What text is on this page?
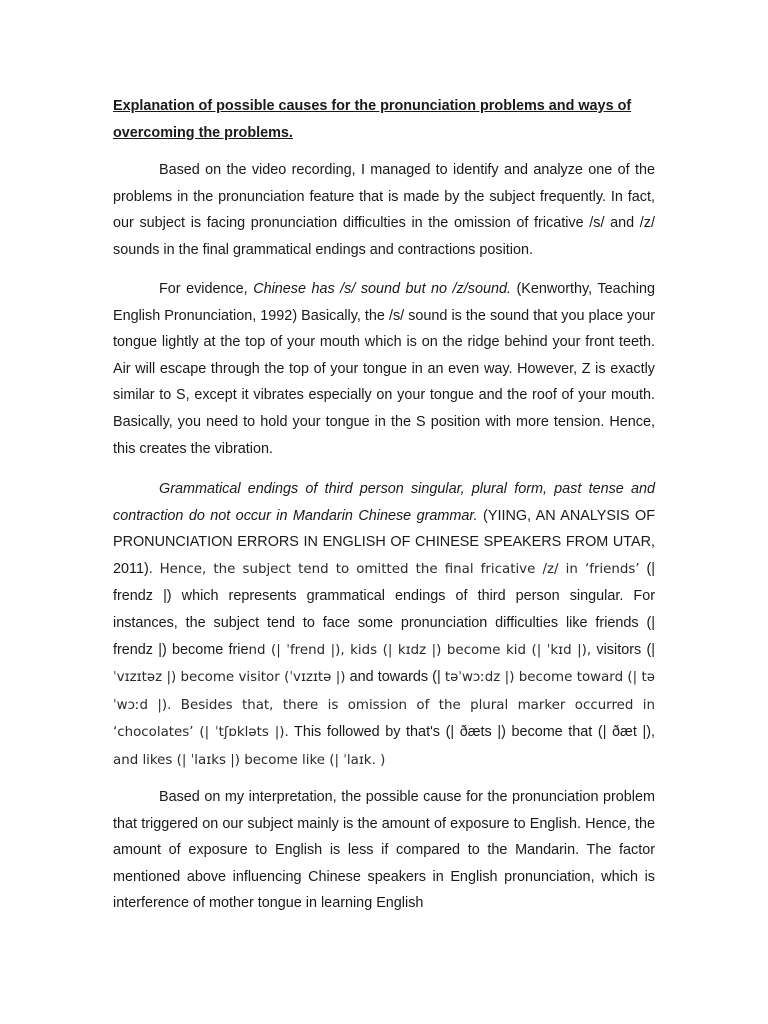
Explanation of possible causes for the pronunciation problems and ways of overcoming the problems.

Based on the video recording, I managed to identify and analyze one of the problems in the pronunciation feature that is made by the subject frequently. In fact, our subject is facing pronunciation difficulties in the omission of fricative /s/ and /z/ sounds in the final grammatical endings and contractions position.

For evidence, Chinese has /s/ sound but no /z/sound. (Kenworthy, Teaching English Pronunciation, 1992) Basically, the /s/ sound is the sound that you place your tongue lightly at the top of your mouth which is on the ridge behind your front teeth. Air will escape through the top of your tongue in an even way. However, Z is exactly similar to S, except it vibrates especially on your tongue and the roof of your mouth. Basically, you need to hold your tongue in the S position with more tension. Hence, this creates the vibration.

Grammatical endings of third person singular, plural form, past tense and contraction do not occur in Mandarin Chinese grammar. (YIING, AN ANALYSIS OF PRONUNCIATION ERRORS IN ENGLISH OF CHINESE SPEAKERS FROM UTAR, 2011). Hence, the subject tend to omitted the final fricative /z/ in ‘friends’ (| frendz |) which represents grammatical endings of third person singular. For instances, the subject tend to face some pronunciation difficulties like friends (| frendz |) become friend (| ˈfrend |), kids (| kɪdz |) become kid (| ˈkɪd |), visitors (| ˈvɪzɪtəz |) become visitor (ˈvɪzɪtə |) and towards (| təˈwɔːdz |) become toward (| təˈwɔːd |). Besides that, there is omission of the plural marker occurred in ‘chocolates’ (| ˈtʃɒkləts |). This followed by that's (| ðæts |) become that (| ðæt |), and likes (| ˈlaɪks |) become like (| ˈlaɪk. )

Based on my interpretation, the possible cause for the pronunciation problem that triggered on our subject mainly is the amount of exposure to English. Hence, the amount of exposure to English is less if compared to the Mandarin. The factor mentioned above influencing Chinese speakers in English pronunciation, which is interference of mother tongue in learning English
